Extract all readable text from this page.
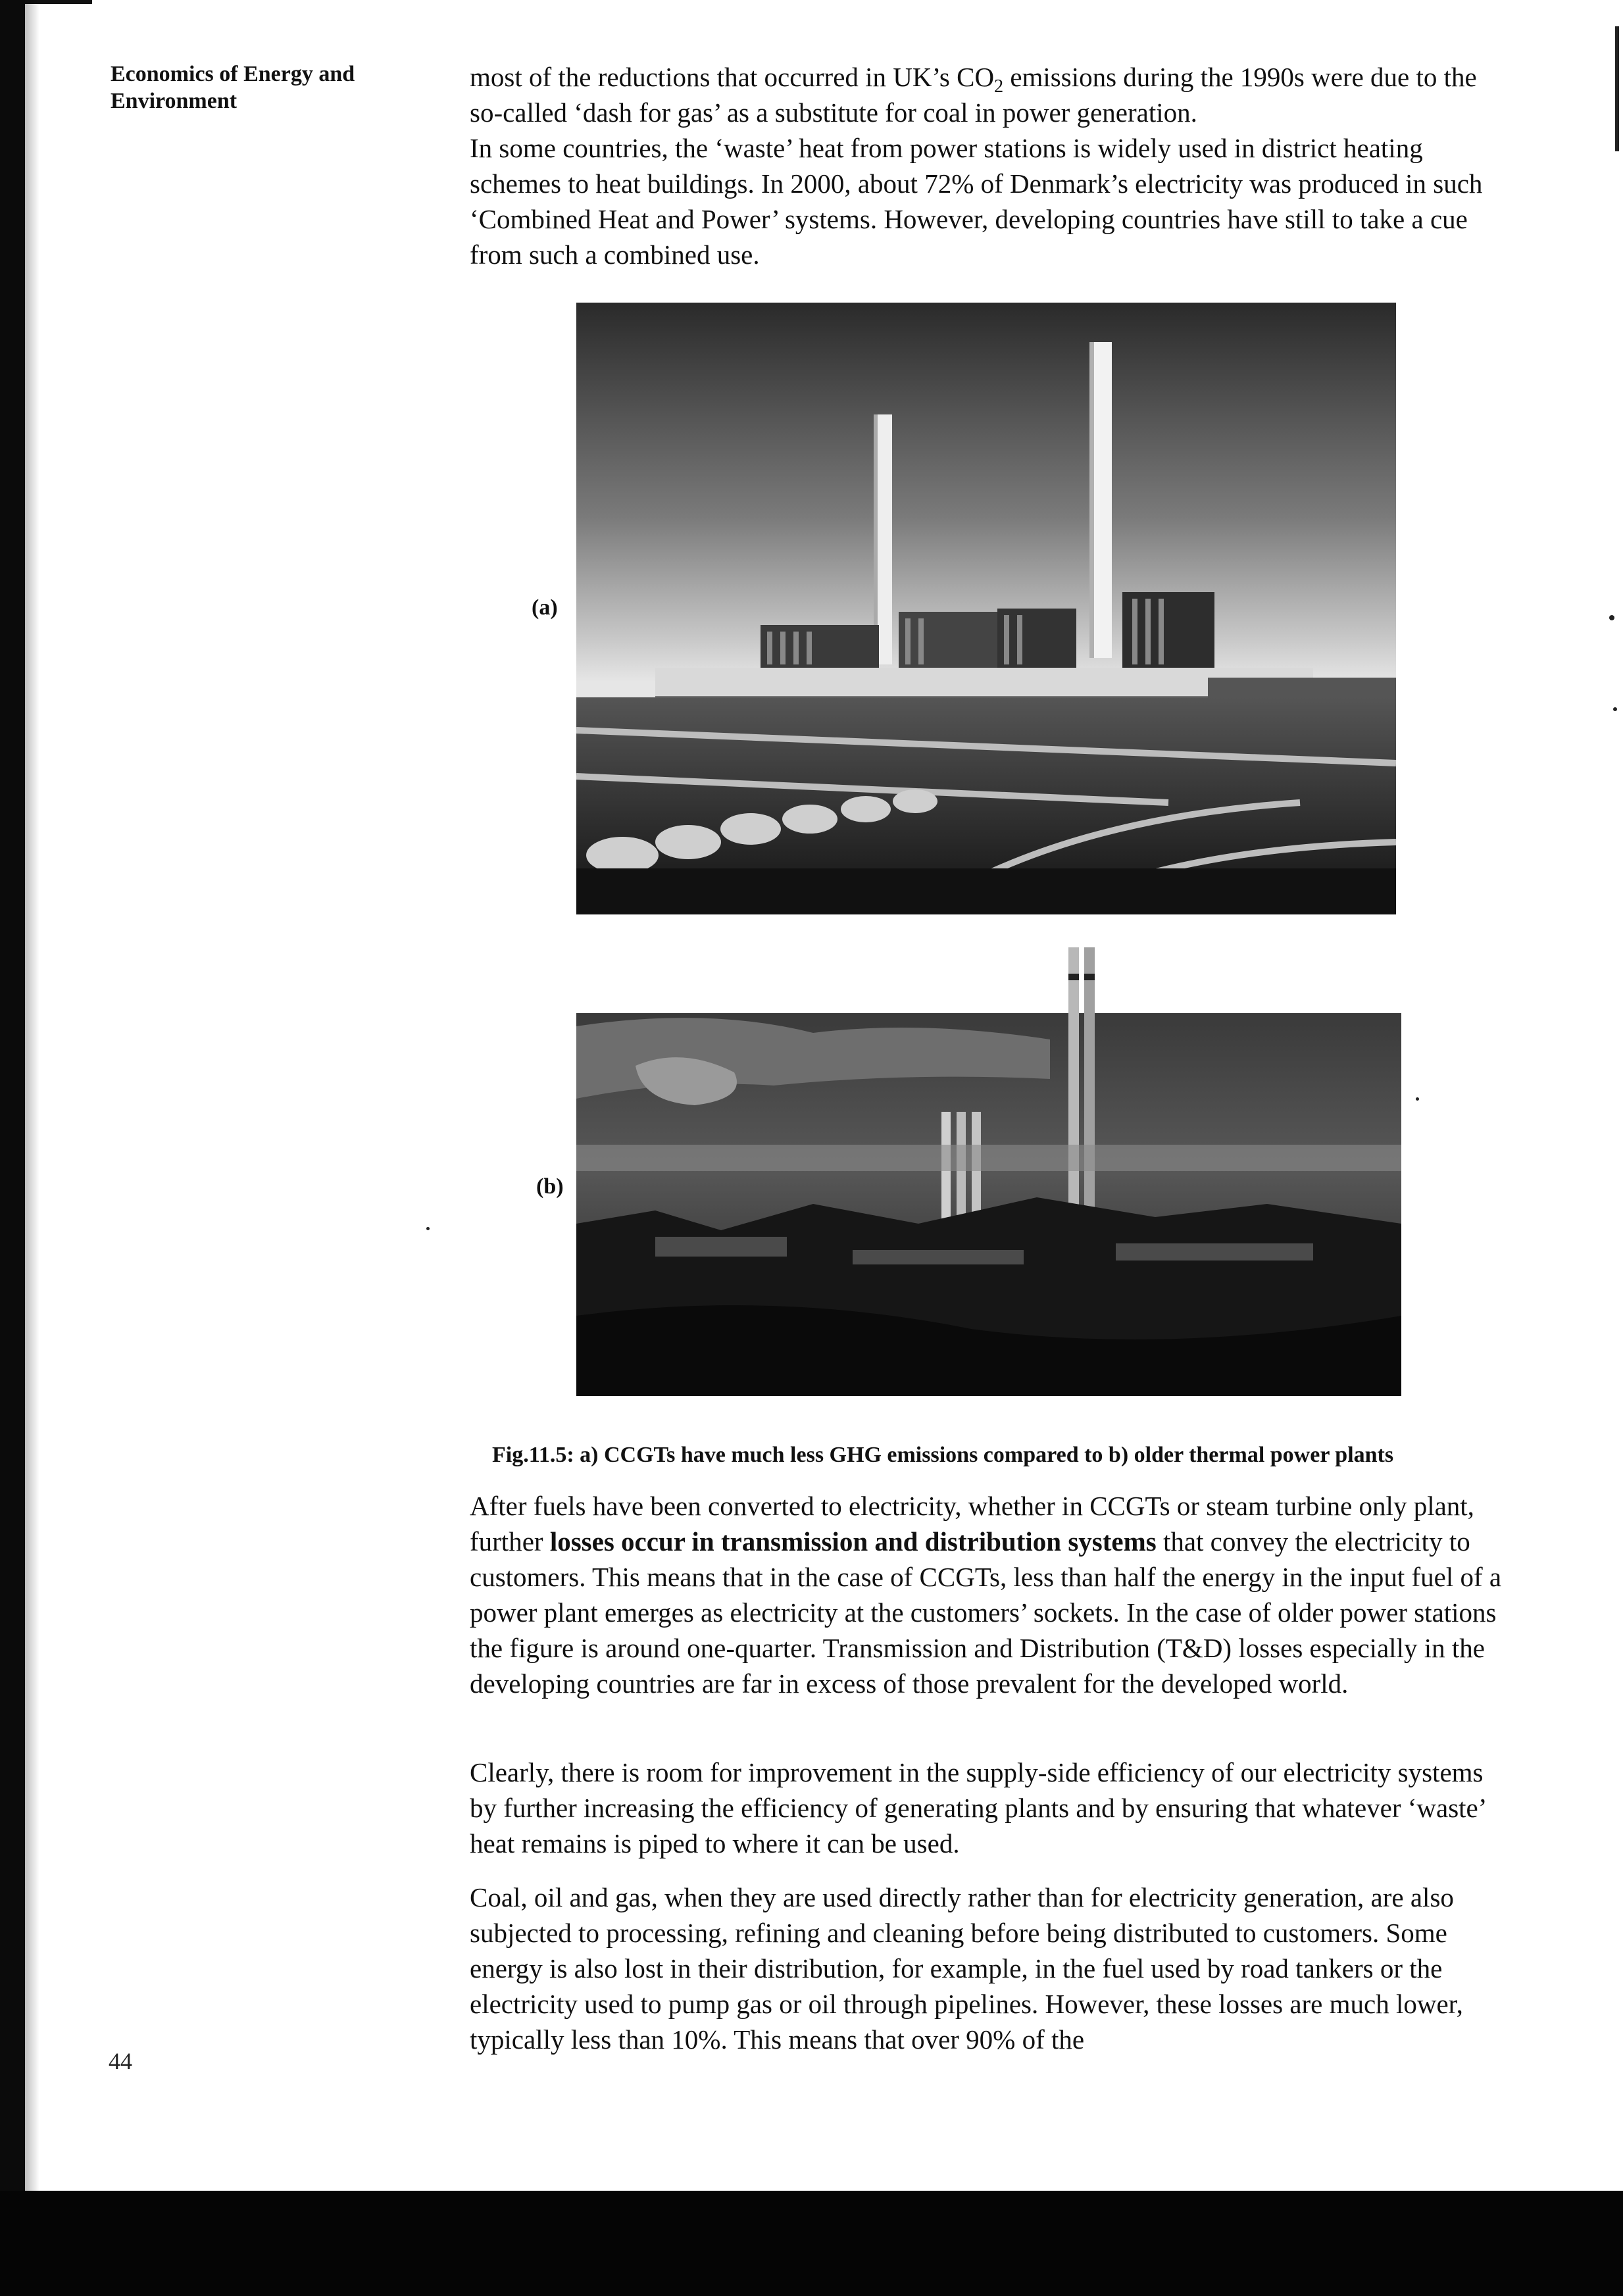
Economics of Energy and
Environment

most of the reductions that occurred in UK’s $CO_2$ emissions during the 1990s were due to the so-called ‘dash for gas’ as a substitute for coal in power generation.

In some countries, the ‘waste’ heat from power stations is widely used in district heating schemes to heat buildings. In 2000, about 72% of Denmark’s electricity was produced in such ‘Combined Heat and Power’ systems. However, developing countries have still to take a cue from such a combined use.

(a)
(b)
Fig.11.5: a) CCGTs have much less GHG emissions compared to b) older thermal power plants

After fuels have been converted to electricity, whether in CCGTs or steam turbine only plant, further losses occur in transmission and distribution systems that convey the electricity to customers. This means that in the case of CCGTs, less than half the energy in the input fuel of a power plant emerges as electricity at the customers’ sockets. In the case of older power stations the figure is around one-quarter. Transmission and Distribution (T&D) losses especially in the developing countries are far in excess of those prevalent for the developed world.

Clearly, there is room for improvement in the supply-side efficiency of our electricity systems by further increasing the efficiency of generating plants and by ensuring that whatever ‘waste’ heat remains is piped to where it can be used.

Coal, oil and gas, when they are used directly rather than for electricity generation, are also subjected to processing, refining and cleaning before being distributed to customers. Some energy is also lost in their distribution, for example, in the fuel used by road tankers or the electricity used to pump gas or oil through pipelines. However, these losses are much lower, typically less than 10%. This means that over 90% of the

44
